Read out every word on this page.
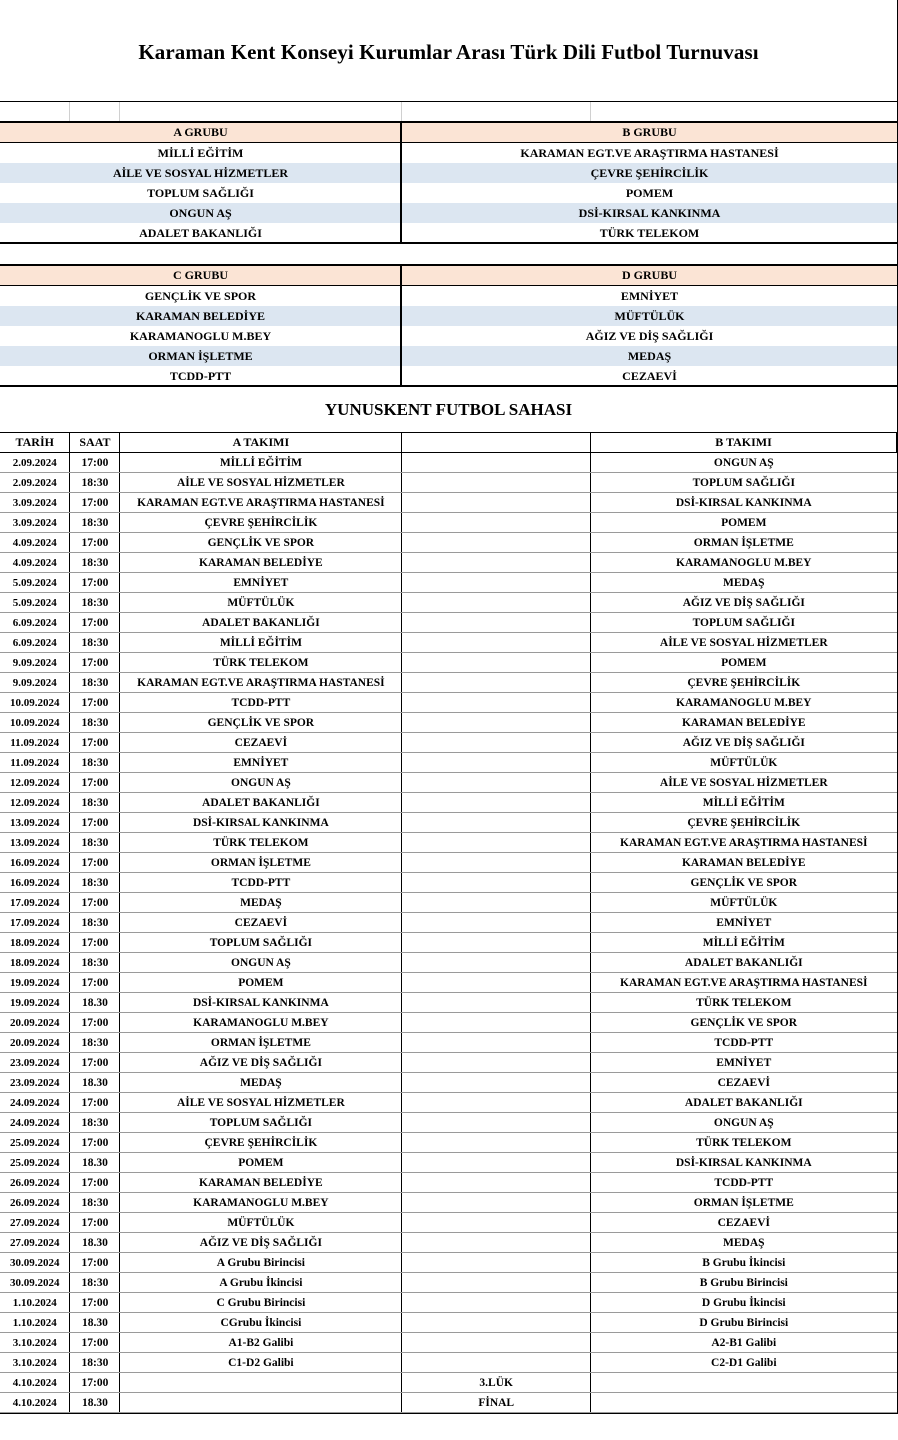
Karaman Kent Konseyi Kurumlar Arası Türk Dili Futbol Turnuvası
A GRUBU	B GRUBU
MİLLİ EĞİTİM	KARAMAN EGT.VE ARAŞTIRMA HASTANESİ
AİLE VE SOSYAL HİZMETLER	ÇEVRE ŞEHİRCİLİK
TOPLUM SAĞLIĞI	POMEM
ONGUN AŞ	DSİ-KIRSAL KANKINMA
ADALET BAKANLIĞI	TÜRK TELEKOM
C GRUBU	D GRUBU
GENÇLİK VE SPOR	EMNİYET
KARAMAN BELEDİYE	MÜFTÜLÜK
KARAMANOGLU M.BEY	AĞIZ VE DİŞ SAĞLIĞI
ORMAN İŞLETME	MEDAŞ
TCDD-PTT	CEZAEVİ
YUNUSKENT FUTBOL SAHASI
TARİH	SAAT	A TAKIMI		B TAKIMI
2.09.2024	17:00	MİLLİ EĞİTİM		ONGUN AŞ
2.09.2024	18:30	AİLE VE SOSYAL HİZMETLER		TOPLUM SAĞLIĞI
3.09.2024	17:00	KARAMAN EGT.VE ARAŞTIRMA HASTANESİ		DSİ-KIRSAL KANKINMA
3.09.2024	18:30	ÇEVRE ŞEHİRCİLİK		POMEM
4.09.2024	17:00	GENÇLİK VE SPOR		ORMAN İŞLETME
4.09.2024	18:30	KARAMAN BELEDİYE		KARAMANOGLU M.BEY
5.09.2024	17:00	EMNİYET		MEDAŞ
5.09.2024	18:30	MÜFTÜLÜK		AĞIZ VE DİŞ SAĞLIĞI
6.09.2024	17:00	ADALET BAKANLIĞI		TOPLUM SAĞLIĞI
6.09.2024	18:30	MİLLİ EĞİTİM		AİLE VE SOSYAL HİZMETLER
9.09.2024	17:00	TÜRK TELEKOM		POMEM
9.09.2024	18:30	KARAMAN EGT.VE ARAŞTIRMA HASTANESİ		ÇEVRE ŞEHİRCİLİK
10.09.2024	17:00	TCDD-PTT		KARAMANOGLU M.BEY
10.09.2024	18:30	GENÇLİK VE SPOR		KARAMAN BELEDİYE
11.09.2024	17:00	CEZAEVİ		AĞIZ VE DİŞ SAĞLIĞI
11.09.2024	18:30	EMNİYET		MÜFTÜLÜK
12.09.2024	17:00	ONGUN AŞ		AİLE VE SOSYAL HİZMETLER
12.09.2024	18:30	ADALET BAKANLIĞI		MİLLİ EĞİTİM
13.09.2024	17:00	DSİ-KIRSAL KANKINMA		ÇEVRE ŞEHİRCİLİK
13.09.2024	18:30	TÜRK TELEKOM		KARAMAN EGT.VE ARAŞTIRMA HASTANESİ
16.09.2024	17:00	ORMAN İŞLETME		KARAMAN BELEDİYE
16.09.2024	18:30	TCDD-PTT		GENÇLİK VE SPOR
17.09.2024	17:00	MEDAŞ		MÜFTÜLÜK
17.09.2024	18:30	CEZAEVİ		EMNİYET
18.09.2024	17:00	TOPLUM SAĞLIĞI		MİLLİ EĞİTİM
18.09.2024	18:30	ONGUN AŞ		ADALET BAKANLIĞI
19.09.2024	17:00	POMEM		KARAMAN EGT.VE ARAŞTIRMA HASTANESİ
19.09.2024	18.30	DSİ-KIRSAL KANKINMA		TÜRK TELEKOM
20.09.2024	17:00	KARAMANOGLU M.BEY		GENÇLİK VE SPOR
20.09.2024	18:30	ORMAN İŞLETME		TCDD-PTT
23.09.2024	17:00	AĞIZ VE DİŞ SAĞLIĞI		EMNİYET
23.09.2024	18.30	MEDAŞ		CEZAEVİ
24.09.2024	17:00	AİLE VE SOSYAL HİZMETLER		ADALET BAKANLIĞI
24.09.2024	18:30	TOPLUM SAĞLIĞI		ONGUN AŞ
25.09.2024	17:00	ÇEVRE ŞEHİRCİLİK		TÜRK TELEKOM
25.09.2024	18.30	POMEM		DSİ-KIRSAL KANKINMA
26.09.2024	17:00	KARAMAN BELEDİYE		TCDD-PTT
26.09.2024	18:30	KARAMANOGLU M.BEY		ORMAN İŞLETME
27.09.2024	17:00	MÜFTÜLÜK		CEZAEVİ
27.09.2024	18.30	AĞIZ VE DİŞ SAĞLIĞI		MEDAŞ
30.09.2024	17:00	A Grubu Birincisi		B Grubu İkincisi
30.09.2024	18:30	A Grubu İkincisi		B Grubu Birincisi
1.10.2024	17:00	C Grubu Birincisi		D Grubu İkincisi
1.10.2024	18.30	CGrubu İkincisi		D Grubu Birincisi
3.10.2024	17:00	A1-B2 Galibi		A2-B1 Galibi
3.10.2024	18:30	C1-D2 Galibi		C2-D1 Galibi
4.10.2024	17:00		3.LÜK	
4.10.2024	18.30		FİNAL	
